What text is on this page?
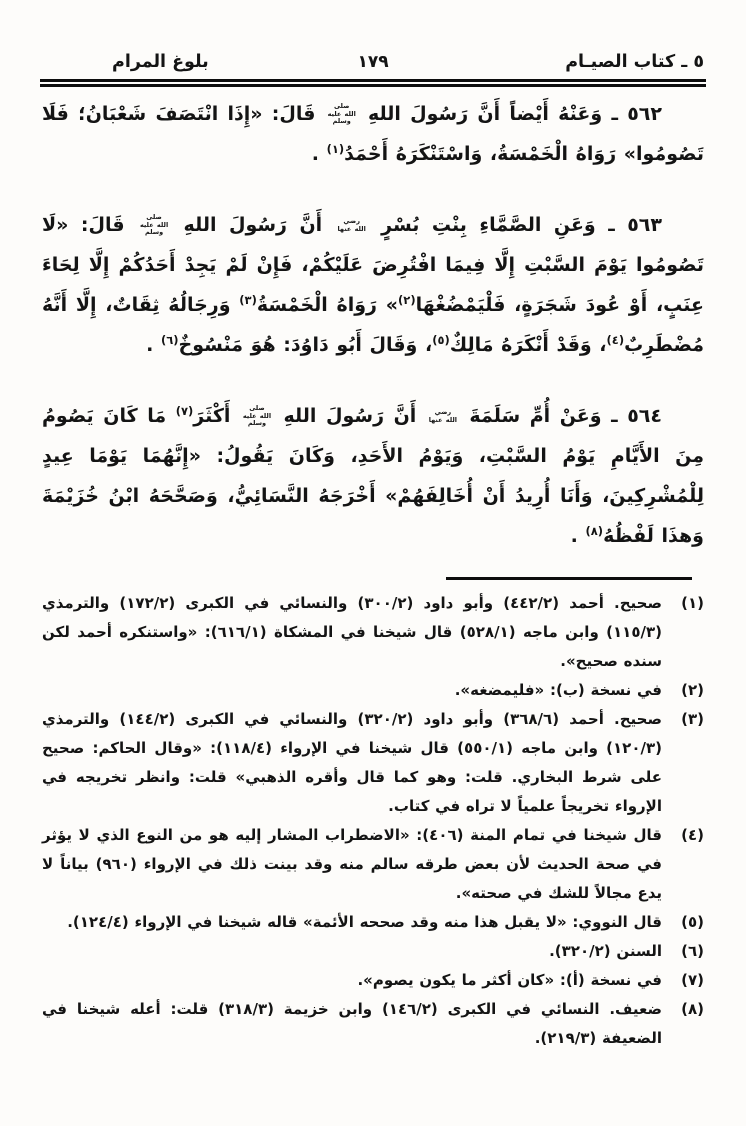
٥ ـ كتاب الصيـام
١٧٩
بلوغ المرام

٥٦٢ ـ وَعَنْهُ أَيْضاً أَنَّ رَسُولَ اللهِ صلى الله عليه وسلم قَالَ: «إِذَا انْتَصَفَ شَعْبَانُ؛ فَلَا تَصُومُوا» رَوَاهُ الْخَمْسَةُ، وَاسْتَنْكَرَهُ أَحْمَدُ(١) .

٥٦٣ ـ وَعَنِ الصَّمَّاءِ بِنْتِ بُسْرٍ رضي الله عنها أَنَّ رَسُولَ اللهِ صلى الله عليه وسلم قَالَ: «لَا تَصُومُوا يَوْمَ السَّبْتِ إِلَّا فِيمَا افْتُرِضَ عَلَيْكُمْ، فَإِنْ لَمْ يَجِدْ أَحَدُكُمْ إِلَّا لِحَاءَ عِنَبٍ، أَوْ عُودَ شَجَرَةٍ، فَلْيَمْضُغْهَا(٢)» رَوَاهُ الْخَمْسَةُ(٣) وَرِجَالُهُ ثِقَاتٌ، إِلَّا أَنَّهُ مُضْطَرِبٌ(٤)، وَقَدْ أَنْكَرَهُ مَالِكٌ(٥)، وَقَالَ أَبُو دَاوُدَ: هُوَ مَنْسُوخٌ(٦) .

٥٦٤ ـ وَعَنْ أُمِّ سَلَمَةَ رضي الله عنها أَنَّ رَسُولَ اللهِ صلى الله عليه وسلم أَكْثَرَ(٧) مَا كَانَ يَصُومُ مِنَ الأَيَّامِ يَوْمُ السَّبْتِ، وَيَوْمُ الأَحَدِ، وَكَانَ يَقُولُ: «إِنَّهُمَا يَوْمَا عِيدٍ لِلْمُشْرِكِينَ، وَأَنَا أُرِيدُ أَنْ أُخَالِفَهُمْ» أَخْرَجَهُ النَّسَائِيُّ، وَصَحَّحَهُ ابْنُ خُزَيْمَةَ وَهذَا لَفْظُهُ(٨) .

(١)
صحيح. أحمد (٤٤٢/٢) وأبو داود (٣٠٠/٢) والنسائي في الكبرى (١٧٢/٢) والترمذي (١١٥/٣) وابن ماجه (٥٢٨/١) قال شيخنا في المشكاة (٦١٦/١): «واستنكره أحمد لكن سنده صحيح».
(٢)
في نسخة (ب): «فليمضغه».
(٣)
صحيح. أحمد (٣٦٨/٦) وأبو داود (٣٢٠/٢) والنسائي في الكبرى (١٤٤/٢) والترمذي (١٢٠/٣) وابن ماجه (٥٥٠/١) قال شيخنا في الإرواء (١١٨/٤): «وقال الحاكم: صحيح على شرط البخاري. قلت: وهو كما قال وأقره الذهبي» قلت: وانظر تخريجه في الإرواء تخريجاً علمياً لا تراه في كتاب.
(٤)
قال شيخنا في تمام المنة (٤٠٦): «الاضطراب المشار إليه هو من النوع الذي لا يؤثر في صحة الحديث لأن بعض طرقه سالم منه وقد بينت ذلك في الإرواء (٩٦٠) بياناً لا يدع مجالاً للشك في صحته».
(٥)
قال النووي: «لا يقبل هذا منه وقد صححه الأئمة» قاله شيخنا في الإرواء (١٢٤/٤).
(٦)
السنن (٣٢٠/٢).
(٧)
في نسخة (أ): «كان أكثر ما يكون يصوم».
(٨)
ضعيف. النسائي في الكبرى (١٤٦/٢) وابن خزيمة (٣١٨/٣) قلت: أعله شيخنا في الضعيفة (٢١٩/٣).
